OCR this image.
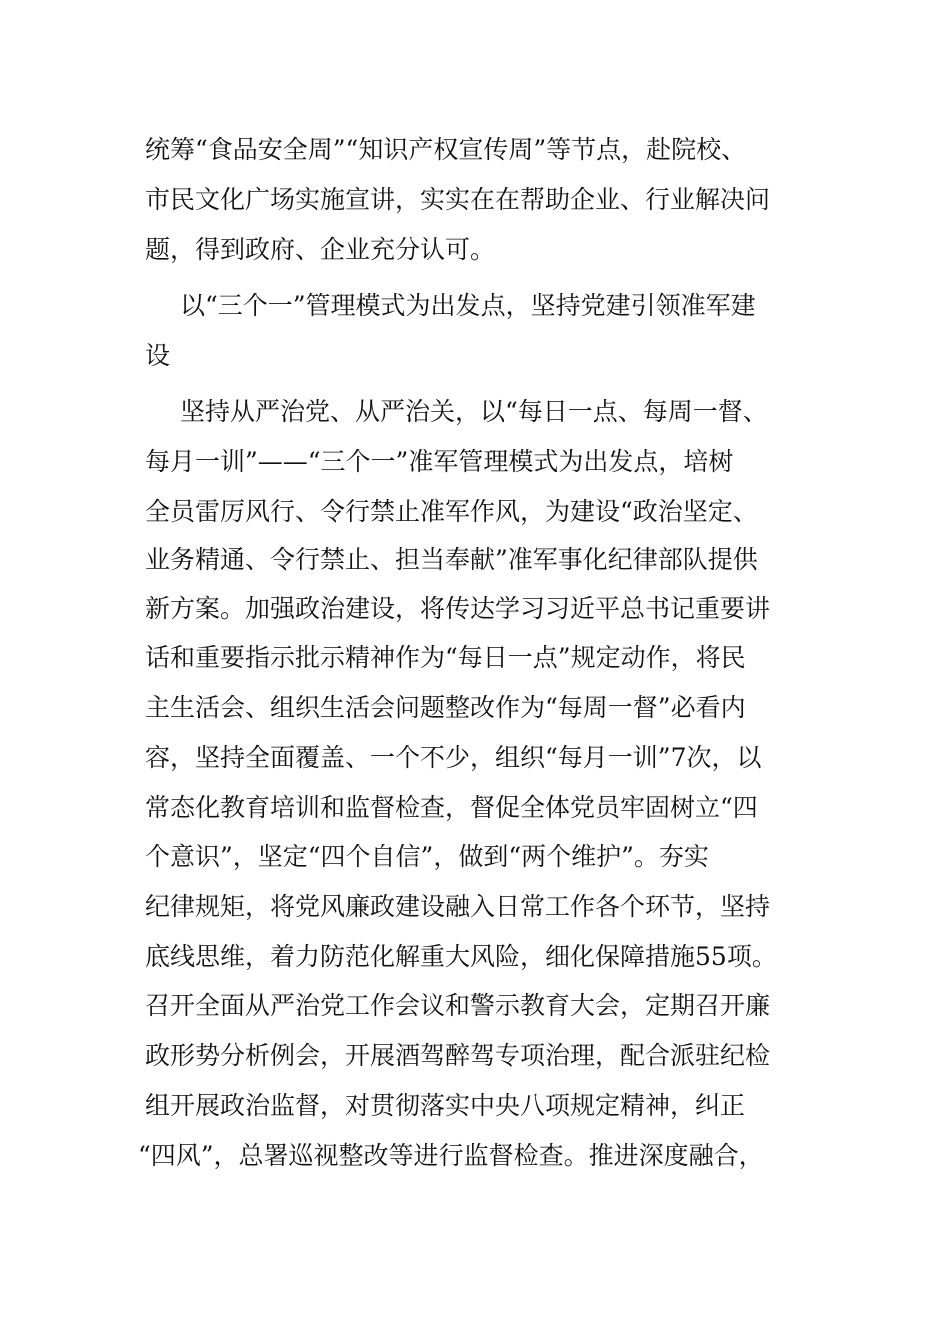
统筹“食品安全周”“知识产权宣传周”等节点，赴院校、
市民文化广场实施宣讲，实实在在帮助企业、行业解决问
题，得到政府、企业充分认可。
以“三个一”管理模式为出发点，坚持党建引领准军建
设
坚持从严治党、从严治关，以“每日一点、每周一督、
每月一训”——“三个一”准军管理模式为出发点，培树
全员雷厉风行、令行禁止准军作风，为建设“政治坚定、
业务精通、令行禁止、担当奉献”准军事化纪律部队提供
新方案。加强政治建设，将传达学习习近平总书记重要讲
话和重要指示批示精神作为“每日一点”规定动作，将民
主生活会、组织生活会问题整改作为“每周一督”必看内
容，坚持全面覆盖、一个不少，组织“每月一训”7次，以
常态化教育培训和监督检查，督促全体党员牢固树立“四
个意识”，坚定“四个自信”，做到“两个维护”。夯实
纪律规矩，将党风廉政建设融入日常工作各个环节，坚持
底线思维，着力防范化解重大风险，细化保障措施55项。
召开全面从严治党工作会议和警示教育大会，定期召开廉
政形势分析例会，开展酒驾醉驾专项治理，配合派驻纪检
组开展政治监督，对贯彻落实中央八项规定精神，纠正
“四风”，总署巡视整改等进行监督检查。推进深度融合，
